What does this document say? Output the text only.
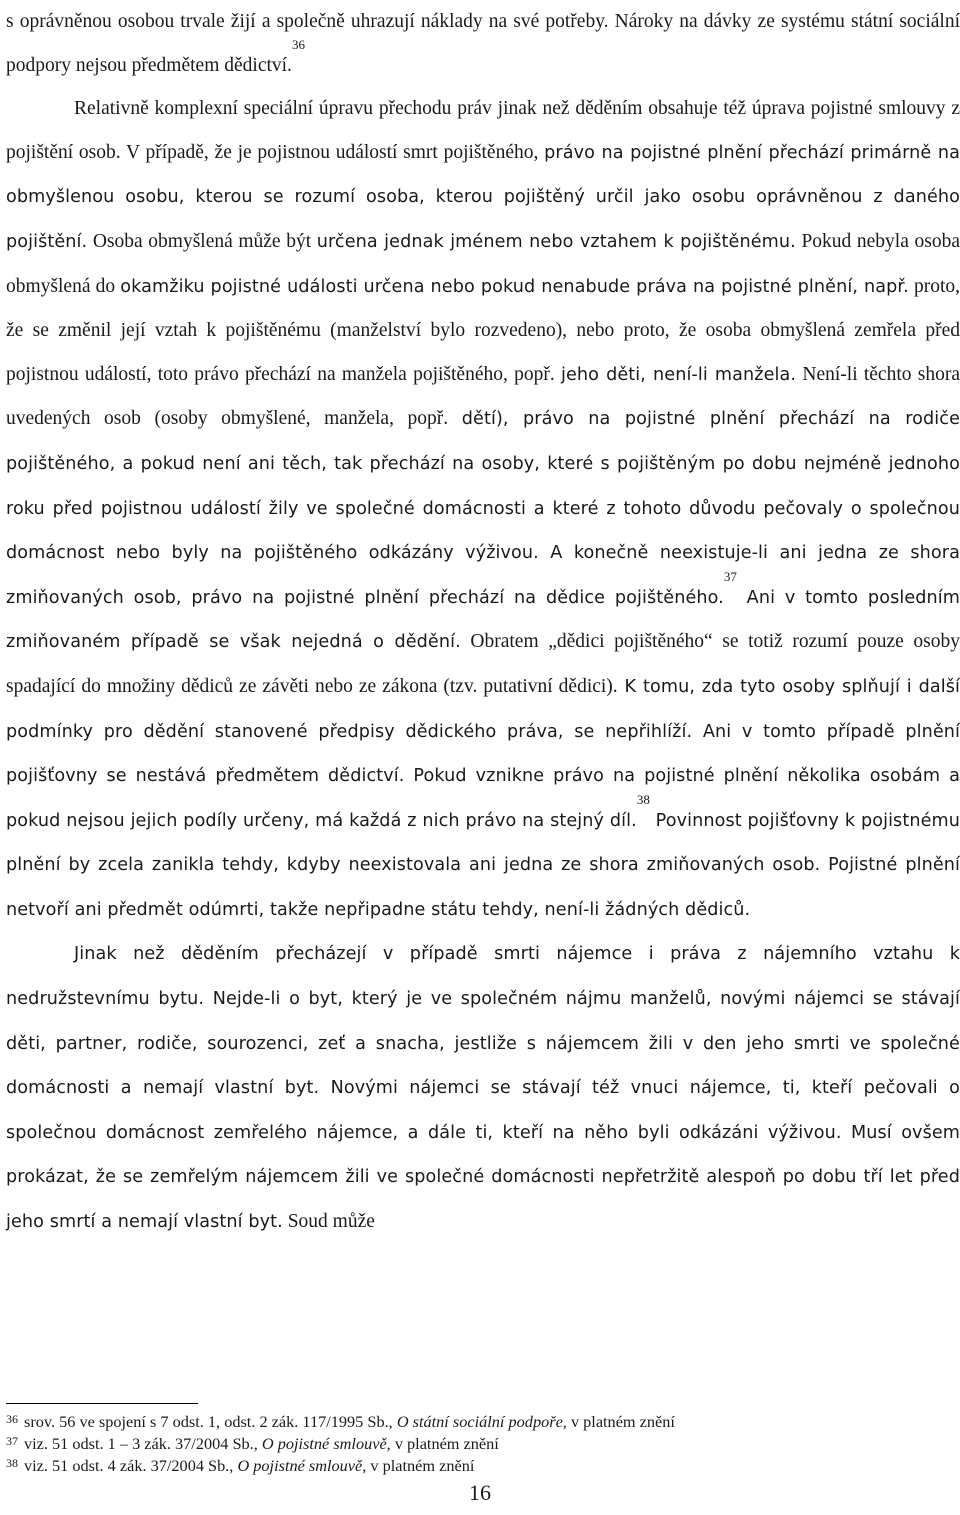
s oprávněnou osobou trvale žijí a společně uhrazují náklady na své potřeby. Nároky na dávky ze systému státní sociální podpory nejsou předmětem dědictví.$^{36}$

Relativně komplexní speciální úpravu přechodu práv jinak než děděním obsahuje též úprava pojistné smlouvy z pojištění osob. V případě, že je pojistnou událostí smrt pojištěného, právo na pojistné plnění přechází primárně na obmyšlenou osobu, kterou se rozumí osoba, kterou pojištěný určil jako osobu oprávněnou z daného pojištění. Osoba obmyšlená může být určena jednak jménem nebo vztahem k pojištěnému. Pokud nebyla osoba obmyšlená do okamžiku pojistné události určena nebo pokud nenabude práva na pojistné plnění, např. proto, že se změnil její vztah k pojištěnému (manželství bylo rozvedeno), nebo proto, že osoba obmyšlená zemřela před pojistnou událostí, toto právo přechází na manžela pojištěného, popř. jeho děti, není-li manžela. Není-li těchto shora uvedených osob (osoby obmyšlené, manžela, popř. dětí), právo na pojistné plnění přechází na rodiče pojištěného, a pokud není ani těch, tak přechází na osoby, které s pojištěným po dobu nejméně jednoho roku před pojistnou událostí žily ve společné domácnosti a které z tohoto důvodu pečovaly o společnou domácnost nebo byly na pojištěného odkázány výživou. A konečně neexistuje-li ani jedna ze shora zmiňovaných osob, právo na pojistné plnění přechází na dědice pojištěného.$^{37}$ Ani v tomto posledním zmiňovaném případě se však nejedná o dědění. Obratem „dědici pojištěného“ se totiž rozumí pouze osoby spadající do množiny dědiců ze závěti nebo ze zákona (tzv. putativní dědici). K tomu, zda tyto osoby splňují i další podmínky pro dědění stanovené předpisy dědického práva, se nepřihlíží. Ani v tomto případě plnění pojišťovny se nestává předmětem dědictví. Pokud vznikne právo na pojistné plnění několika osobám a pokud nejsou jejich podíly určeny, má každá z nich právo na stejný díl.$^{38}$ Povinnost pojišťovny k pojistnému plnění by zcela zanikla tehdy, kdyby neexistovala ani jedna ze shora zmiňovaných osob. Pojistné plnění netvoří ani předmět odúmrti, takže nepřipadne státu tehdy, není-li žádných dědiců.

Jinak než děděním přecházejí v případě smrti nájemce i práva z nájemního vztahu k nedružstevnímu bytu. Nejde-li o byt, který je ve společném nájmu manželů, novými nájemci se stávají děti, partner, rodiče, sourozenci, zeť a snacha, jestliže s nájemcem žili v den jeho smrti ve společné domácnosti a nemají vlastní byt. Novými nájemci se stávají též vnuci nájemce, ti, kteří pečovali o společnou domácnost zemřelého nájemce, a dále ti, kteří na něho byli odkázáni výživou. Musí ovšem prokázat, že se zemřelým nájemcem žili ve společné domácnosti nepřetržitě alespoň po dobu tří let před jeho smrtí a nemají vlastní byt. Soud může

$^{36}$ srov. 56 ve spojení s 7 odst. 1, odst. 2 zák. 117/1995 Sb., O státní sociální podpoře, v platném znění

$^{37}$ viz. 51 odst. 1 – 3 zák. 37/2004 Sb., O pojistné smlouvě, v platném znění

$^{38}$ viz. 51 odst. 4 zák. 37/2004 Sb., O pojistné smlouvě, v platném znění

16
